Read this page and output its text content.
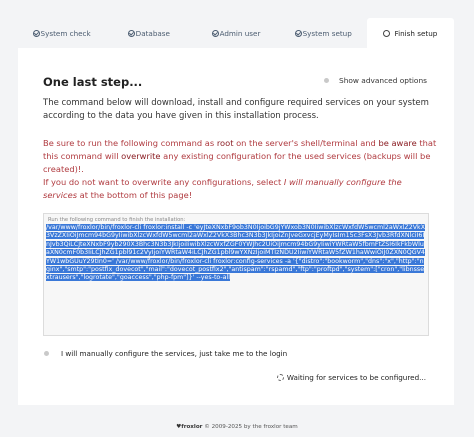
System check	Database	Admin user	System setup	Finish setup
One last step...	Show advanced options

The command below will download, install and configure required services on your system according to the data you have given in this installation process.

Be sure to run the following command as root on the server's shell/terminal and be aware that this command will overwrite any existing configuration for the used services (backups will be created)!.
If you do not want to overwrite any configurations, select I will manually configure the services at the bottom of this page!
Run the following command to finish the installation:
/var/www/froxlor/bin/froxlor-cli froxlor:install -c 'eyJteXNxbF9ob3N0IjoibG9jYWxob3N0IiwibXlzcWxfdW5wcml2aWxlZ2VkX3VzZXIiOiJmcm94bG9yIiwibXlzcWxfdW5wcml2aWxlZ2VkX3Bhc3N3b3JkIjoiZnJveGxvcjEyMyIsIm15c3FsX3Jvb3RfdXNlciI6InJvb3QiLCJteXNxbF9yb290X3Bhc3N3b3JkIjoiIiwibXlzcWxfZGF0YWJhc2UiOiJmcm94bG9yIiwiYWRtaW5fbmFtZSI6IkFkbWluaXN0cmF0b3IiLCJhZG1pbl91c2VyIjoiYWRtaW4iLCJhZG1pbl9wYXNzIjoiMTIzNDU2IiwiYWRtaW5fZW1haWwiOiJ0ZXN0QGV4YW1wbGUuY29tIn0=' /var/www/froxlor/bin/froxlor-cli froxlor:config-services -a '{"distro":"bookworm","dns":"x","http":"nginx","smtp":"postfix_dovecot","mail":"dovecot_postfix2","antispam":"rspamd","ftp":"proftpd","system":["cron","libnssextrausers","logrotate","goaccess","php-fpm"]}' --yes-to-all
I will manually configure the services, just take me to the login
Waiting for services to be configured...
♥froxlor © 2009-2025 by the froxlor team
